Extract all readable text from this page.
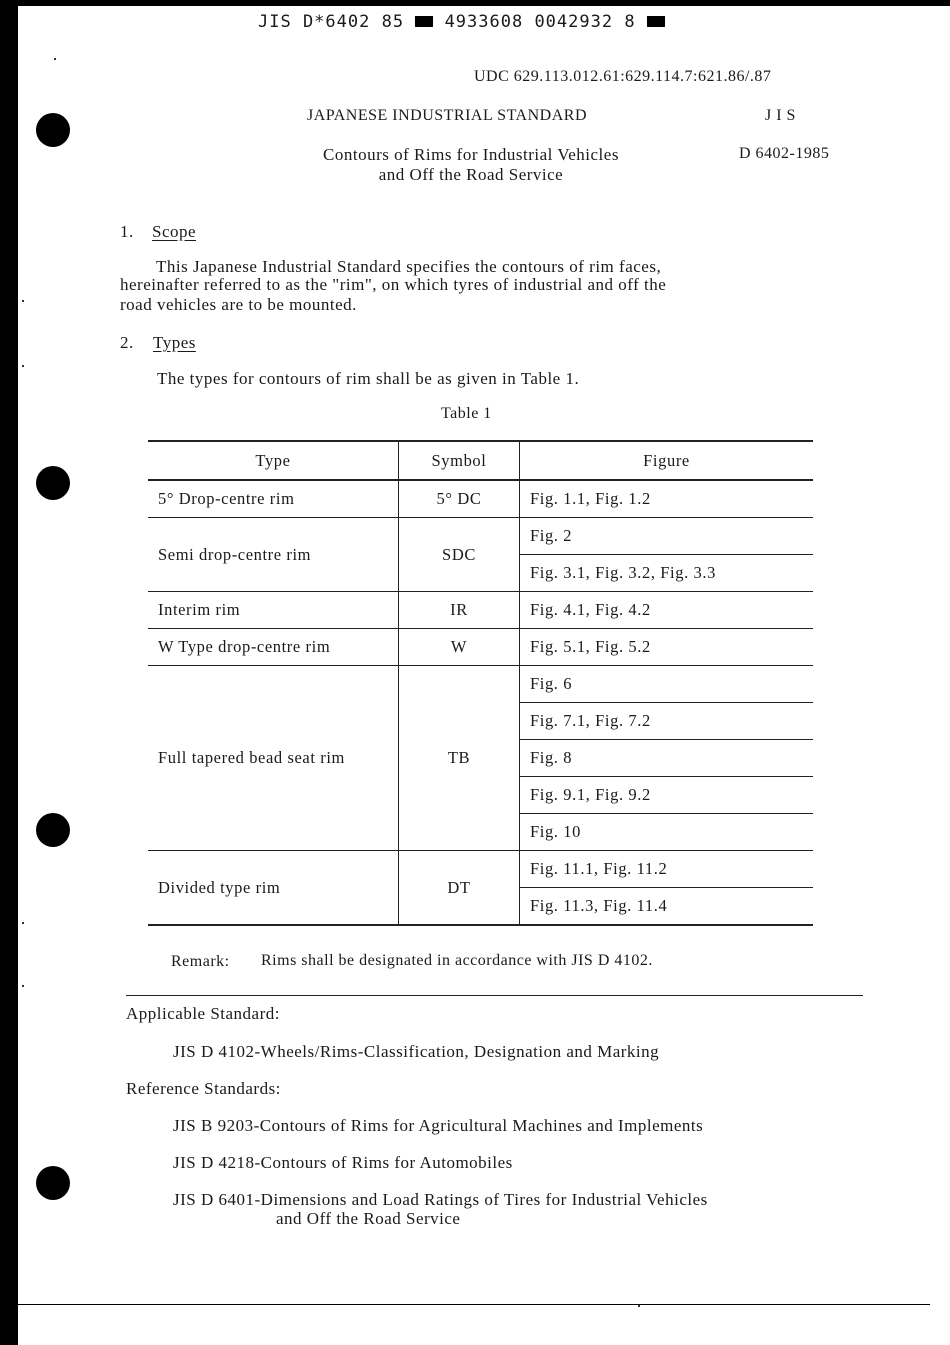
JIS D*6402 85 4933608 0042932 8
UDC 629.113.012.61:629.114.7:621.86/.87
JAPANESE INDUSTRIAL STANDARD	J I S
Contours of Rims for Industrial Vehicles
and Off the Road Service
D 6402-1985
1. Scope
This Japanese Industrial Standard specifies the contours of rim faces,
hereinafter referred to as the "rim", on which tyres of industrial and off the
road vehicles are to be mounted.
2. Types
The types for contours of rim shall be as given in Table 1.
Table 1
Type	Symbol	Figure
5° Drop-centre rim	5° DC	Fig. 1.1, Fig. 1.2
Semi drop-centre rim	SDC	Fig. 2
		Fig. 3.1, Fig. 3.2, Fig. 3.3
Interim rim	IR	Fig. 4.1, Fig. 4.2
W Type drop-centre rim	W	Fig. 5.1, Fig. 5.2
Full tapered bead seat rim	TB	Fig. 6
		Fig. 7.1, Fig. 7.2
		Fig. 8
		Fig. 9.1, Fig. 9.2
		Fig. 10
Divided type rim	DT	Fig. 11.1, Fig. 11.2
		Fig. 11.3, Fig. 11.4
Remark: Rims shall be designated in accordance with JIS D 4102.
Applicable Standard:
JIS D 4102-Wheels/Rims-Classification, Designation and Marking
Reference Standards:
JIS B 9203-Contours of Rims for Agricultural Machines and Implements
JIS D 4218-Contours of Rims for Automobiles
JIS D 6401-Dimensions and Load Ratings of Tires for Industrial Vehicles
and Off the Road Service
